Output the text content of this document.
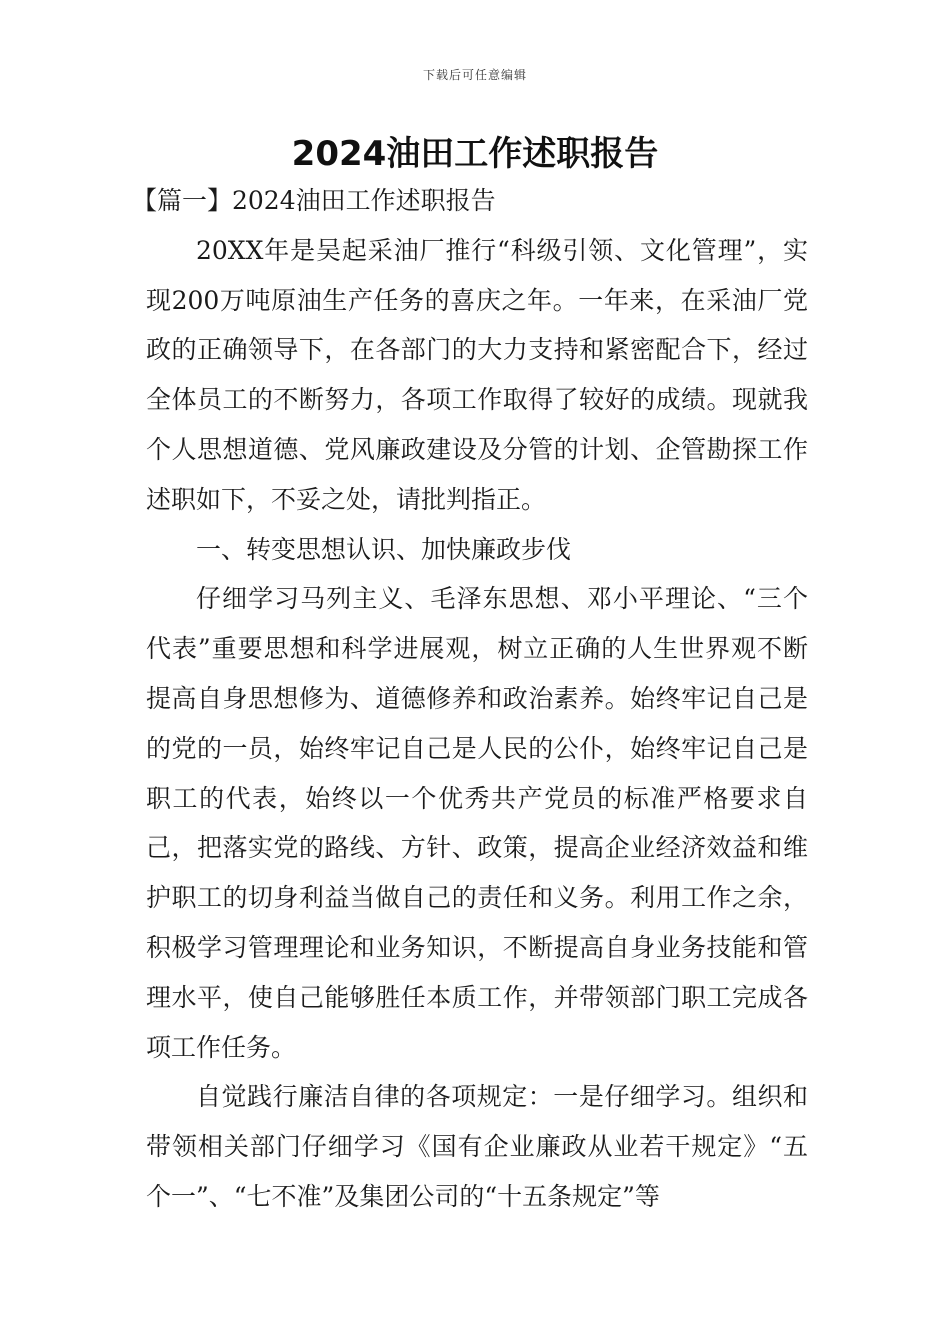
下载后可任意编辑
2024油田工作述职报告

【篇一】2024油田工作述职报告

20XX年是吴起采油厂推行“科级引领、文化管理”，实现200万吨原油生产任务的喜庆之年。一年来，在采油厂党政的正确领导下，在各部门的大力支持和紧密配合下，经过全体员工的不断努力，各项工作取得了较好的成绩。现就我个人思想道德、党风廉政建设及分管的计划、企管勘探工作述职如下，不妥之处，请批判指正。

一、转变思想认识、加快廉政步伐

仔细学习马列主义、毛泽东思想、邓小平理论、“三个代表”重要思想和科学进展观，树立正确的人生世界观不断提高自身思想修为、道德修养和政治素养。始终牢记自己是的党的一员，始终牢记自己是人民的公仆，始终牢记自己是职工的代表，始终以一个优秀共产党员的标准严格要求自己，把落实党的路线、方针、政策，提高企业经济效益和维护职工的切身利益当做自己的责任和义务。利用工作之余，积极学习管理理论和业务知识，不断提高自身业务技能和管理水平，使自己能够胜任本质工作，并带领部门职工完成各项工作任务。

自觉践行廉洁自律的各项规定：一是仔细学习。组织和带领相关部门仔细学习《国有企业廉政从业若干规定》“五个一”、“七不准”及集团公司的“十五条规定”等
